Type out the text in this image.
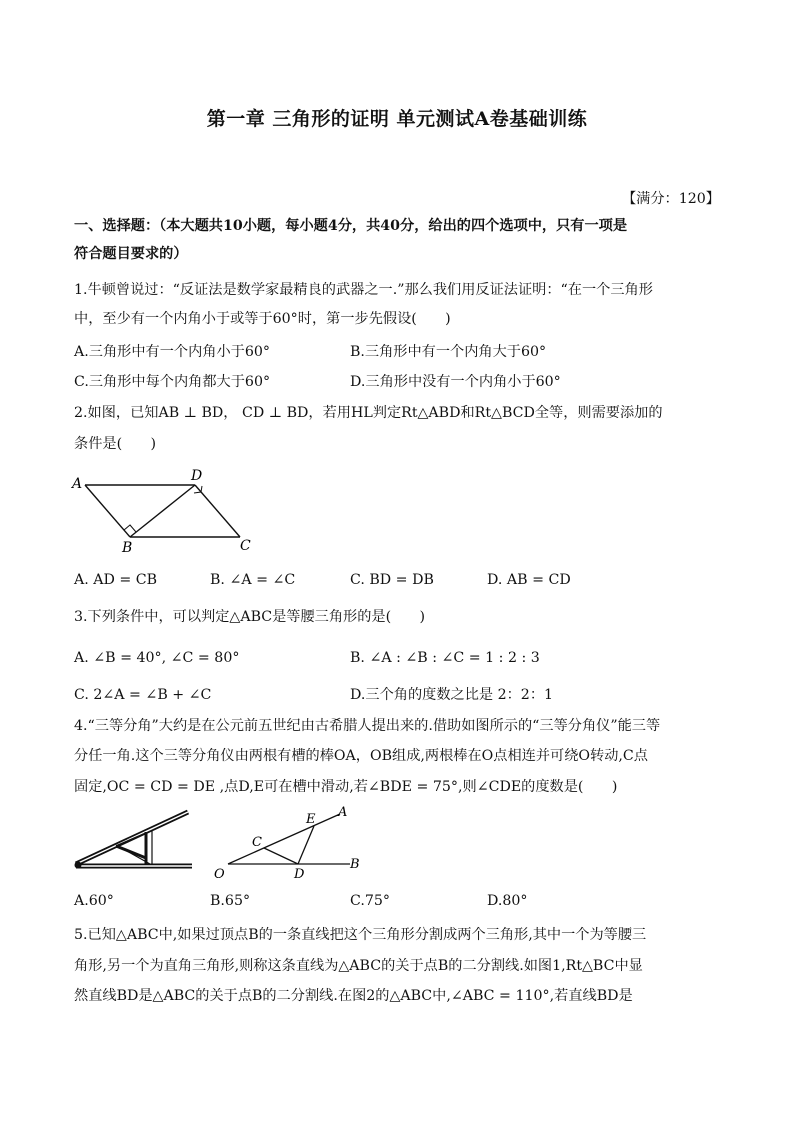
第一章 三角形的证明 单元测试A卷基础训练
【满分：120】
一、选择题：（本大题共10小题，每小题4分，共40分，给出的四个选项中，只有一项是
符合题目要求的）
1.牛顿曾说过：“反证法是数学家最精良的武器之一.”那么我们用反证法证明：“在一个三角形
中，至少有一个内角小于或等于60°时，第一步先假设(　　)
A.三角形中有一个内角小于60°	B.三角形中有一个内角大于60°
C.三角形中每个内角都大于60°	D.三角形中没有一个内角小于60°
2.如图，已知AB ⊥ BD， CD ⊥ BD，若用HL判定Rt△ABD和Rt△BCD全等，则需要添加的
条件是(　　)
A	D
B	C
A. AD = CB	B. ∠A = ∠C	C. BD = DB	D. AB = CD
3.下列条件中，可以判定△ABC是等腰三角形的是(　　)
A. ∠B = 40°, ∠C = 80°	B. ∠A : ∠B : ∠C = 1 : 2 : 3
C. 2∠A = ∠B + ∠C	D.三个角的度数之比是 2：2：1
4.“三等分角”大约是在公元前五世纪由古希腊人提出来的.借助如图所示的“三等分角仪”能三等
分任一角.这个三等分角仪由两根有槽的棒OA，OB组成,两根棒在O点相连并可绕O转动,C点
固定,OC = CD = DE ,点D,E可在槽中滑动,若∠BDE = 75°,则∠CDE的度数是(　　)
O
A
B
C
D
E
A.60°	B.65°	C.75°	D.80°
5.已知△ABC中,如果过顶点B的一条直线把这个三角形分割成两个三角形,其中一个为等腰三
角形,另一个为直角三角形,则称这条直线为△ABC的关于点B的二分割线.如图1,Rt△BC中显
然直线BD是△ABC的关于点B的二分割线.在图2的△ABC中,∠ABC = 110°,若直线BD是
